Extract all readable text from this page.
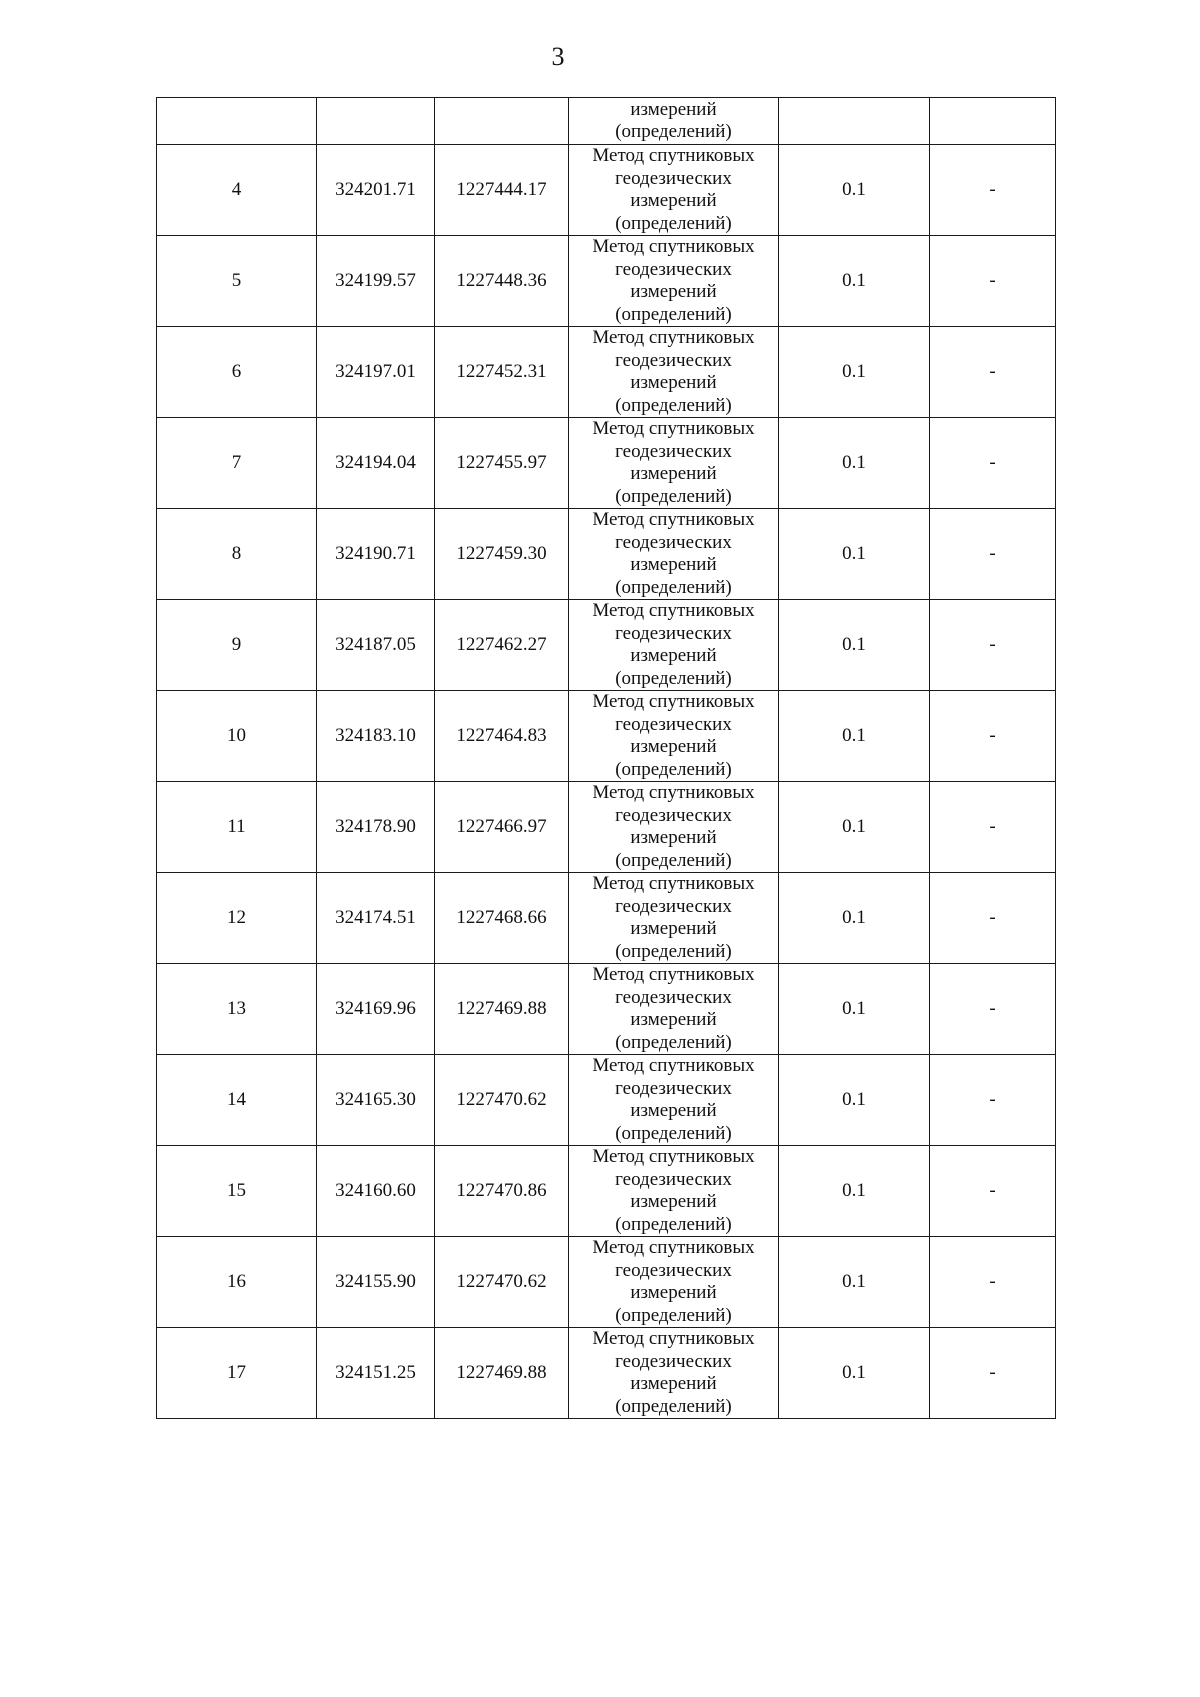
3

			измерений
(определений)		

4	324201.71	1227444.17	Метод спутниковых
геодезических
измерений
(определений)	0.1	-
5	324199.57	1227448.36	Метод спутниковых
геодезических
измерений
(определений)	0.1	-
6	324197.01	1227452.31	Метод спутниковых
геодезических
измерений
(определений)	0.1	-
7	324194.04	1227455.97	Метод спутниковых
геодезических
измерений
(определений)	0.1	-
8	324190.71	1227459.30	Метод спутниковых
геодезических
измерений
(определений)	0.1	-
9	324187.05	1227462.27	Метод спутниковых
геодезических
измерений
(определений)	0.1	-
10	324183.10	1227464.83	Метод спутниковых
геодезических
измерений
(определений)	0.1	-
11	324178.90	1227466.97	Метод спутниковых
геодезических
измерений
(определений)	0.1	-
12	324174.51	1227468.66	Метод спутниковых
геодезических
измерений
(определений)	0.1	-
13	324169.96	1227469.88	Метод спутниковых
геодезических
измерений
(определений)	0.1	-
14	324165.30	1227470.62	Метод спутниковых
геодезических
измерений
(определений)	0.1	-
15	324160.60	1227470.86	Метод спутниковых
геодезических
измерений
(определений)	0.1	-
16	324155.90	1227470.62	Метод спутниковых
геодезических
измерений
(определений)	0.1	-
17	324151.25	1227469.88	Метод спутниковых
геодезических
измерений
(определений)	0.1	-
